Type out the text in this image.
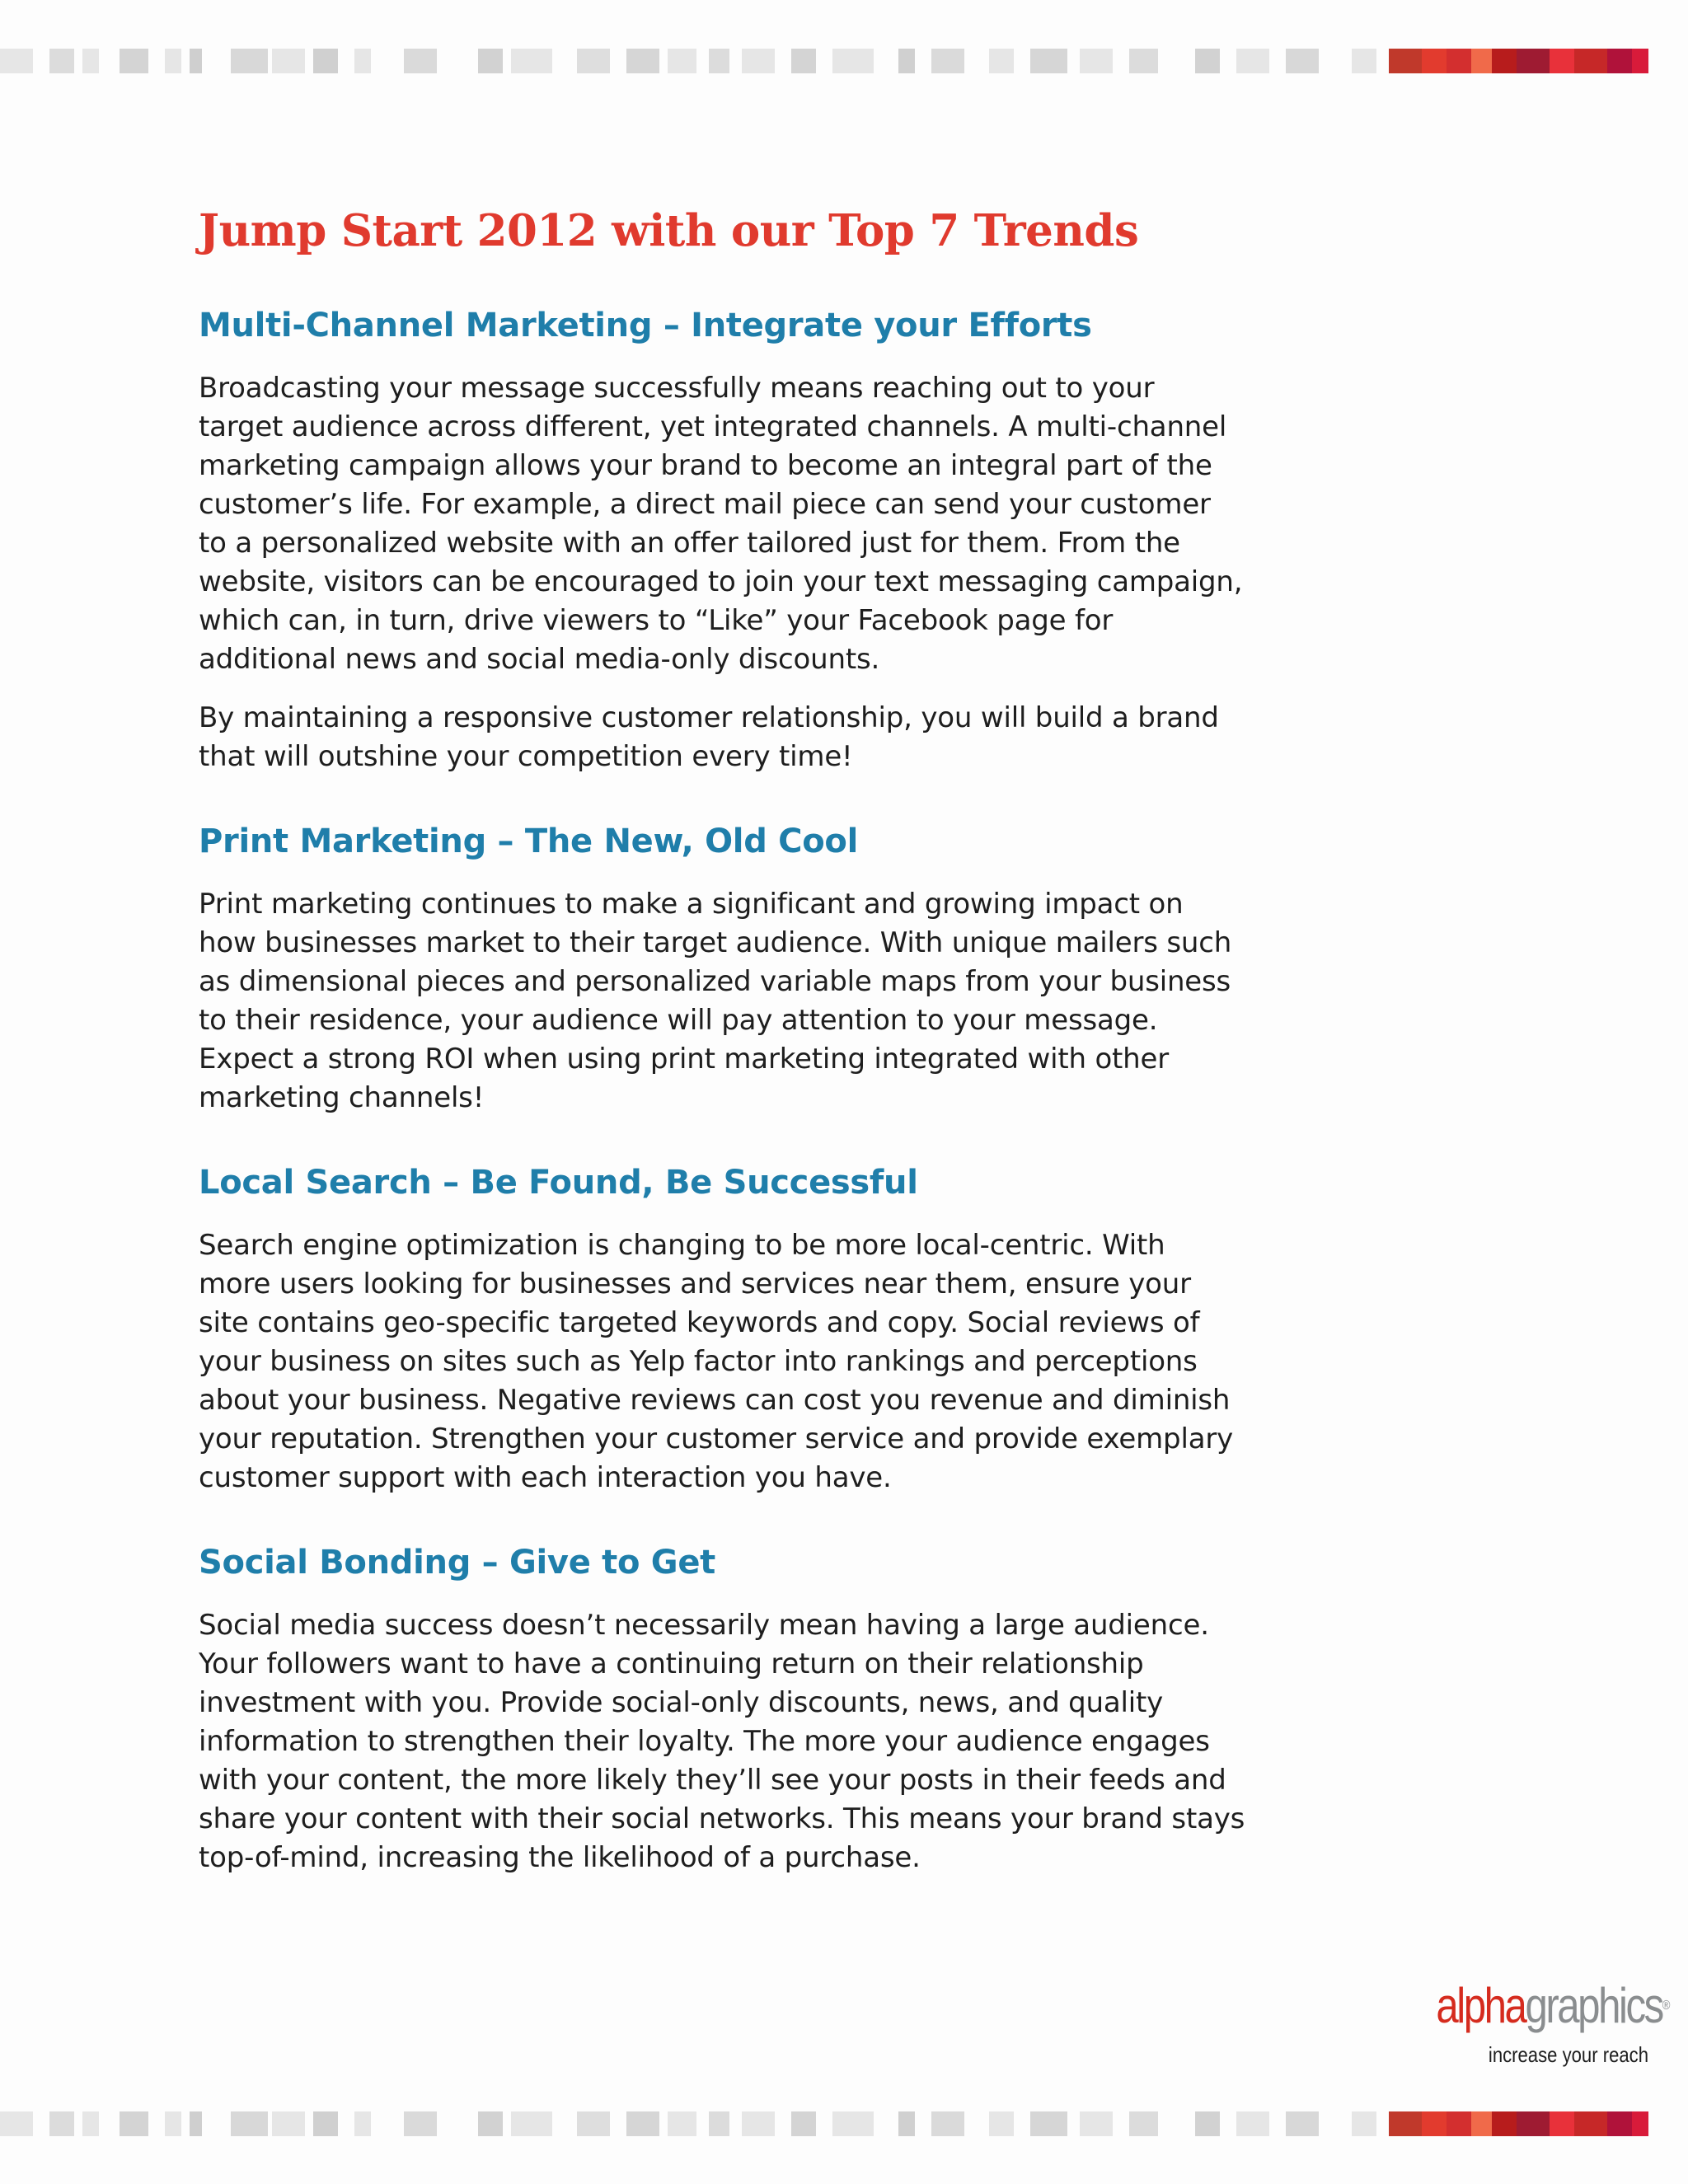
Jump Start 2012 with our Top 7 Trends
Multi-Channel Marketing – Integrate your Efforts

Broadcasting your message successfully means reaching out to your target audience across different, yet integrated channels. A multi-channel marketing campaign allows your brand to become an integral part of the customer’s life. For example, a direct mail piece can send your customer to a personalized website with an offer tailored just for them. From the website, visitors can be encouraged to join your text messaging campaign, which can, in turn, drive viewers to “Like” your Facebook page for additional news and social media-only discounts.

By maintaining a responsive customer relationship, you will build a brand that will outshine your competition every time!

Print Marketing – The New, Old Cool

Print marketing continues to make a significant and growing impact on how businesses market to their target audience. With unique mailers such as dimensional pieces and personalized variable maps from your business to their residence, your audience will pay attention to your message. Expect a strong ROI when using print marketing integrated with other marketing channels!

Local Search – Be Found, Be Successful

Search engine optimization is changing to be more local-centric. With more users looking for businesses and services near them, ensure your site contains geo-specific targeted keywords and copy. Social reviews of your business on sites such as Yelp factor into rankings and perceptions about your business. Negative reviews can cost you revenue and diminish your reputation. Strengthen your customer service and provide exemplary customer support with each interaction you have.

Social Bonding – Give to Get

Social media success doesn’t necessarily mean having a large audience. Your followers want to have a continuing return on their relationship investment with you. Provide social-only discounts, news, and quality information to strengthen their loyalty. The more your audience engages with your content, the more likely they’ll see your posts in their feeds and share your content with their social networks. This means your brand stays top-of-mind, increasing the likelihood of a purchase.

alphagraphics®
increase your reach
